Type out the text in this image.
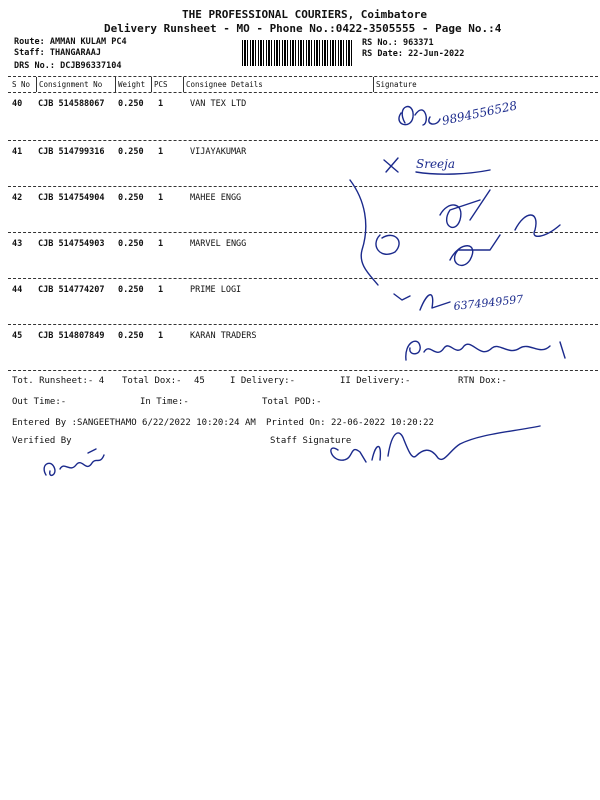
THE PROFESSIONAL COURIERS, Coimbatore
Delivery Runsheet - MO - Phone No.:0422-3505555 - Page No.:4
Route: AMMAN KULAM PC4
Staff: THANGARAAJ
DRS No.: DCJB96337104
RS No.: 963371
RS Date: 22-Jun-2022
S No Consignment No Weight PCS Consignee Details	Signature
40 CJB 514588067 0.250 1	VAN TEX LTD
41 CJB 514799316 0.250 1	VIJAYAKUMAR
42 CJB 514754904 0.250 1	MAHEE ENGG
43 CJB 514754903 0.250 1	MARVEL ENGG
44 CJB 514774207 0.250 1	PRIME LOGI
45 CJB 514807849 0.250 1	KARAN TRADERS
9894556528
Sreeja
6374949597
Tot. Runsheet:- 4 Total Dox:- 45	I Delivery:-	II Delivery:-	RTN Dox:-
Out Time:-	In Time:-	Total POD:-
Entered By :SANGEETHAMO 6/22/2022 10:20:24 AM Printed On: 22-06-2022 10:20:22
Verified By	Staff Signature
